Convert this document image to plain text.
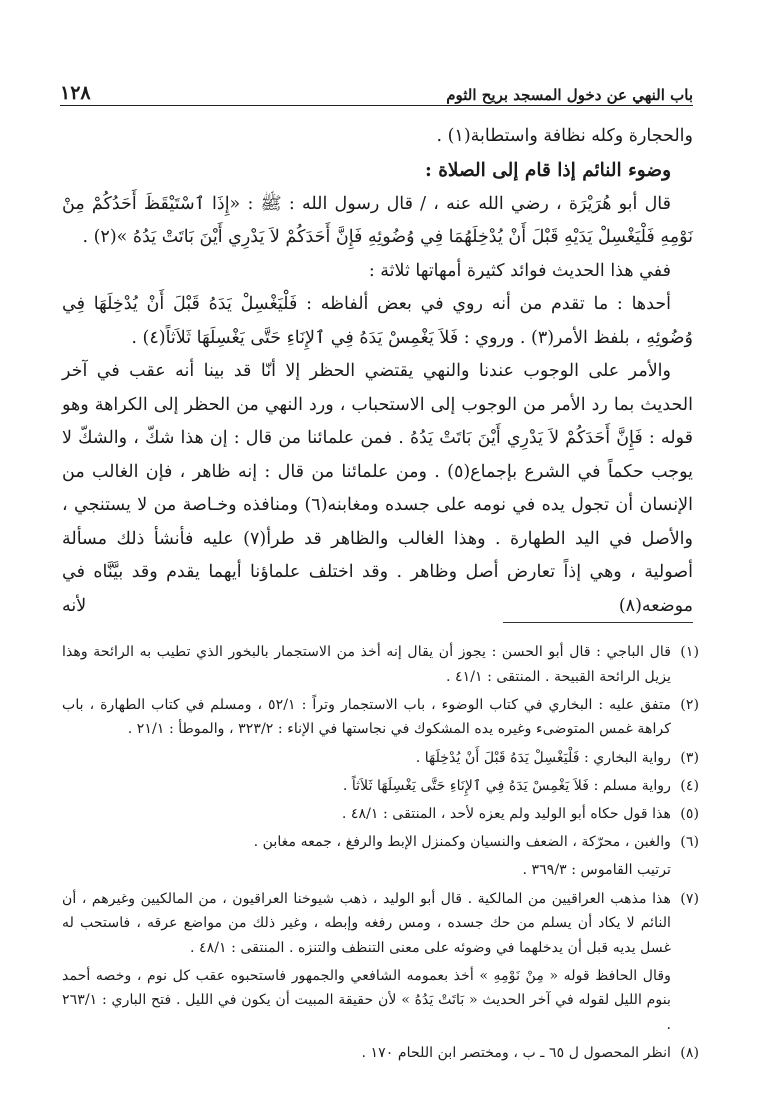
باب النهي عن دخول المسجد بريح الثوم
١٢٨

والحجارة وكله نظافة واستطابة(١) .

وضوء النائم إذا قام إلى الصلاة :

قال أبو هُرَيْرَة ، رضي الله عنه ، / قال رسول الله : ﷺ : «إِذَا ٱسْتَيْقَظَ أَحَدُكُمْ مِنْ نَوْمِهِ فَلْيَغْسِلْ يَدَيْهِ قَبْلَ أَنْ يُدْخِلَهُمَا فِي وُضُوئِهِ فَإِنَّ أَحَدَكُمْ لاَ يَدْرِي أَيْنَ بَاتَتْ يَدُهُ »(٢) .

ففي هذا الحديث فوائد كثيرة أمهاتها ثلاثة :

أحدها : ما تقدم من أنه روي في بعض ألفاظه : فَلْيَغْسِلْ يَدَهُ قَبْلَ أَنْ يُدْخِلَهَا فِي وُضُوئِهِ ، بلفظ الأمر(٣) . وروي : فَلاَ يَغْمِسْ يَدَهُ فِي ٱلإِنَاءِ حَتَّى يَغْسِلَهَا ثَلاَثاً(٤) .

والأمر على الوجوب عندنا والنهي يقتضي الحظر إلا أنّا قد بينا أنه عقب في آخر الحديث بما رد الأمر من الوجوب إلى الاستحباب ، ورد النهي من الحظر إلى الكراهة وهو قوله : فَإِنَّ أَحَدَكُمْ لاَ يَدْرِي أَيْنَ بَاتَتْ يَدُهُ . فمن علمائنا من قال : إن هذا شكّ ، والشكّ لا يوجب حكماً في الشرع بإجماع(٥) . ومن علمائنا من قال : إنه ظاهر ، فإن الغالب من الإنسان أن تجول يده في نومه على جسده ومغابنه(٦) ومنافذه وخـاصة من لا يستنجي ، والأصل في اليد الطهارة . وهذا الغالب والظاهر قد طرأ(٧) عليه فأنشأ ذلك مسألة أصولية ، وهي إذاً تعارض أصل وظاهر . وقد اختلف علماؤنا أيهما يقدم وقد بيَّنَّاه في موضعه(٨) لأنه

(١)
قال الباجي : قال أبو الحسن : يجوز أن يقال إنه أخذ من الاستجمار بالبخور الذي تطيب به الرائحة وهذا يزيل الرائحة القبيحة . المنتقى : ٤١/١ .
(٢)
متفق عليه : البخاري في كتاب الوضوء ، باب الاستجمار وتراً : ٥٢/١ ، ومسلم في كتاب الطهارة ، باب كراهة غمس المتوضىء وغيره يده المشكوك في نجاستها في الإناء : ٣٢٣/٢ ، والموطأ : ٢١/١ .
(٣)
رواية البخاري : فَلْيَغْسِلْ يَدَهُ قَبْلَ أَنْ يُدْخِلَهَا .
(٤)
رواية مسلم : فَلاَ يَغْمِسْ يَدَهُ فِي ٱلإِنَاءِ حَتَّى يَغْسِلَهَا ثَلاَثاً .
(٥)
هذا قول حكاه أبو الوليد ولم يعزه لأحد ، المنتقى : ٤٨/١ .
(٦)
والغبن ، محرّكة ، الضعف والنسيان وكمنزل الإبط والرفغ ، جمعه مغابن .
ترتيب القاموس : ٣٦٩/٣ .
(٧)
هذا مذهب العراقيين من المالكية . قال أبو الوليد ، ذهب شيوخنا العراقيون ، من المالكيين وغيرهم ، أن النائم لا يكاد أن يسلم من حك جسده ، ومس رفغه وإبطه ، وغير ذلك من مواضع عرقه ، فاستحب له غسل يديه قبل أن يدخلهما في وضوئه على معنى التنظف والتنزه . المنتقى : ٤٨/١ .
وقال الحافظ قوله « مِنْ نَوْمِهِ » أخذ بعمومه الشافعي والجمهور فاستحبوه عقب كل نوم ، وخصه أحمد بنوم الليل لقوله في آخر الحديث « بَاتَتْ يَدُهُ » لأن حقيقة المبيت أن يكون في الليل . فتح الباري : ٢٦٣/١ .
(٨)
انظر المحصول ل ٦٥ ـ ب ، ومختصر ابن اللحام ١٧٠ .
